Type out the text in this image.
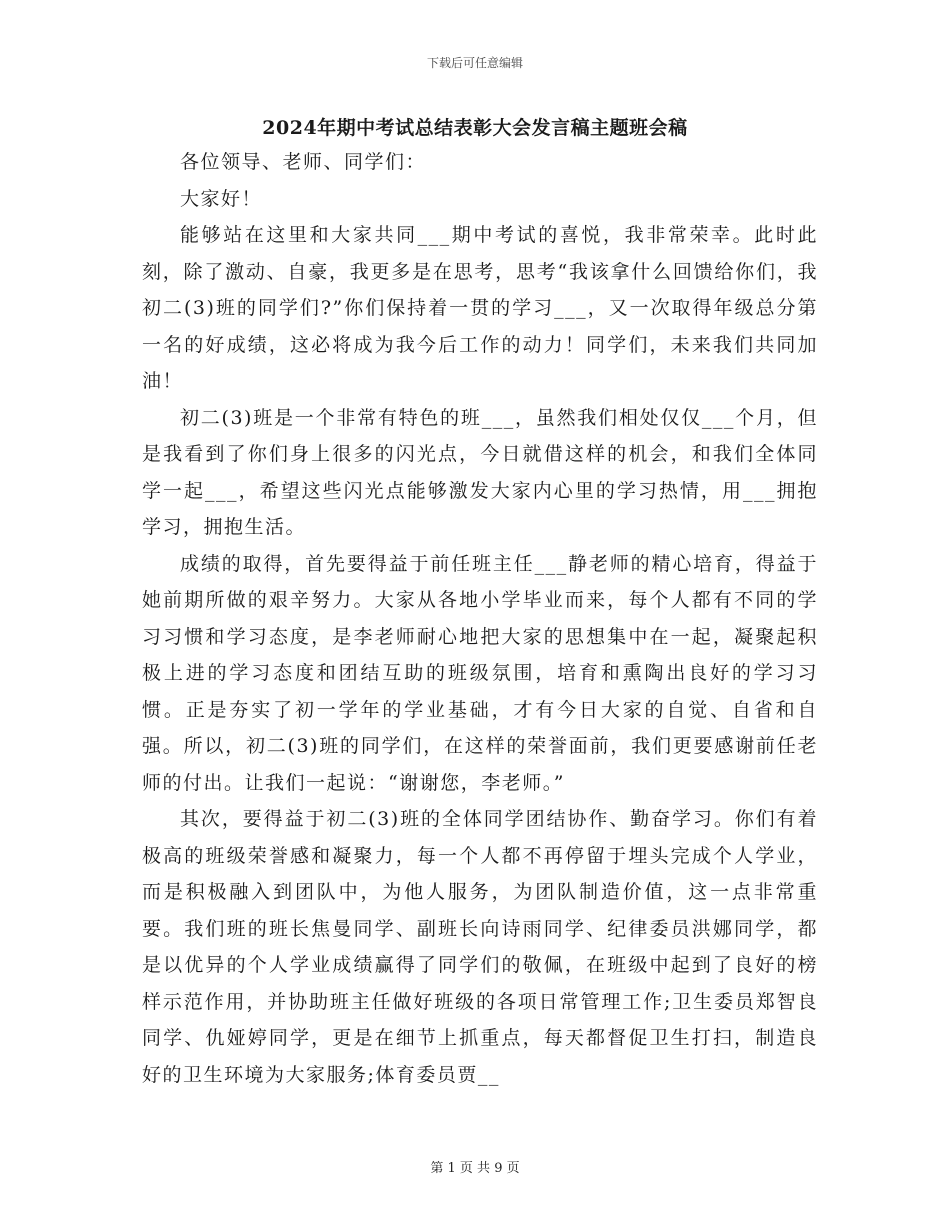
下载后可任意编辑
2024年期中考试总结表彰大会发言稿主题班会稿

各位领导、老师、同学们：

大家好！

能够站在这里和大家共同___期中考试的喜悦，我非常荣幸。此时此刻，除了激动、自豪，我更多是在思考，思考“我该拿什么回馈给你们，我初二(3)班的同学们?”你们保持着一贯的学习___，又一次取得年级总分第一名的好成绩，这必将成为我今后工作的动力！同学们，未来我们共同加油！

初二(3)班是一个非常有特色的班___，虽然我们相处仅仅___个月，但是我看到了你们身上很多的闪光点，今日就借这样的机会，和我们全体同学一起___，希望这些闪光点能够激发大家内心里的学习热情，用___拥抱学习，拥抱生活。

成绩的取得，首先要得益于前任班主任___静老师的精心培育，得益于她前期所做的艰辛努力。大家从各地小学毕业而来，每个人都有不同的学习习惯和学习态度，是李老师耐心地把大家的思想集中在一起，凝聚起积极上进的学习态度和团结互助的班级氛围，培育和熏陶出良好的学习习惯。正是夯实了初一学年的学业基础，才有今日大家的自觉、自省和自强。所以，初二(3)班的同学们，在这样的荣誉面前，我们更要感谢前任老师的付出。让我们一起说：“谢谢您，李老师。”

其次，要得益于初二(3)班的全体同学团结协作、勤奋学习。你们有着极高的班级荣誉感和凝聚力，每一个人都不再停留于埋头完成个人学业，而是积极融入到团队中，为他人服务，为团队制造价值，这一点非常重要。我们班的班长焦曼同学、副班长向诗雨同学、纪律委员洪娜同学，都是以优异的个人学业成绩赢得了同学们的敬佩，在班级中起到了良好的榜样示范作用，并协助班主任做好班级的各项日常管理工作;卫生委员郑智良同学、仇娅婷同学，更是在细节上抓重点，每天都督促卫生打扫，制造良好的卫生环境为大家服务;体育委员贾__

第 1 页 共 9 页
